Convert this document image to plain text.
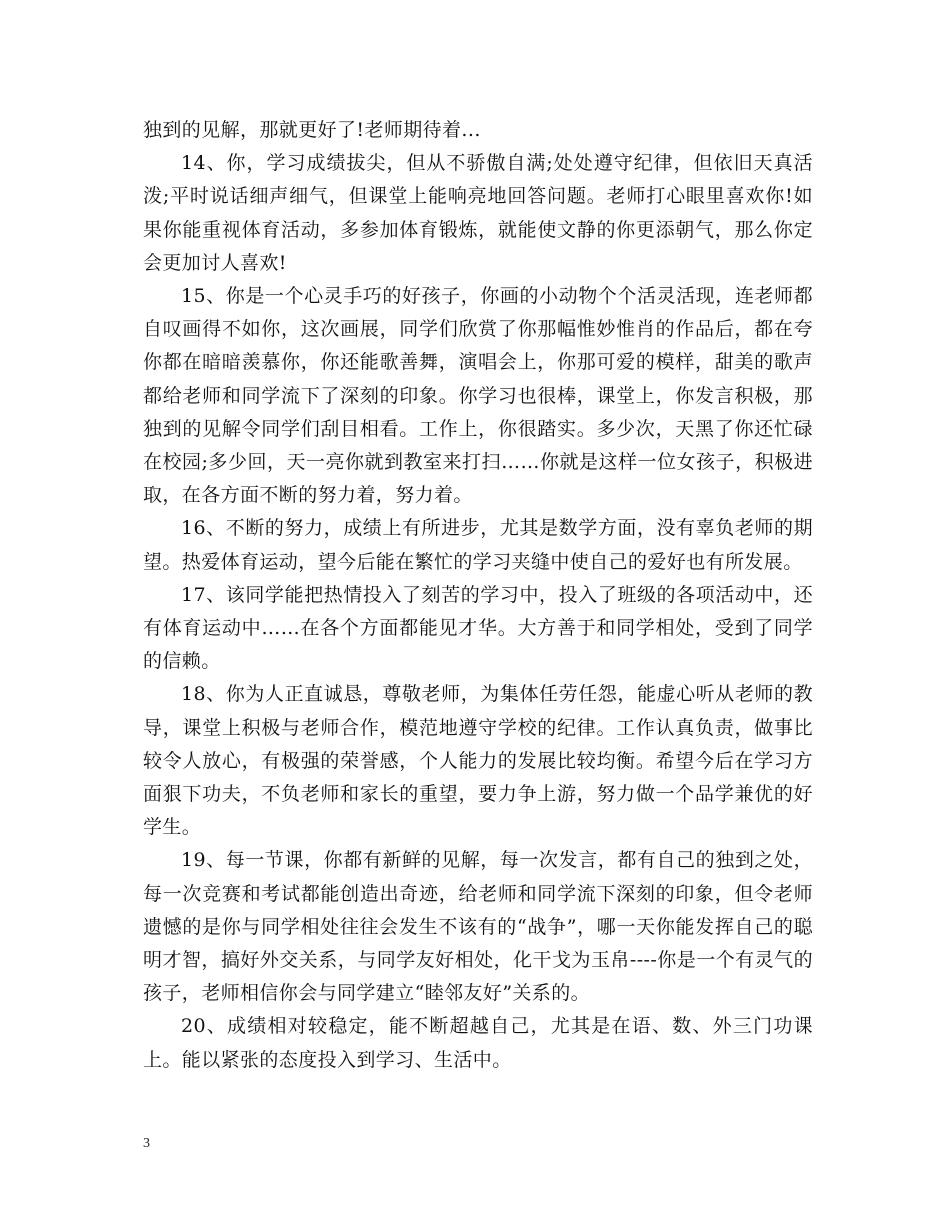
独到的见解，那就更好了!老师期待着...

14、你，学习成绩拔尖，但从不骄傲自满;处处遵守纪律，但依旧天真活泼;平时说话细声细气，但课堂上能响亮地回答问题。老师打心眼里喜欢你!如果你能重视体育活动，多参加体育锻炼，就能使文静的你更添朝气，那么你定会更加讨人喜欢!

15、你是一个心灵手巧的好孩子，你画的小动物个个活灵活现，连老师都自叹画得不如你，这次画展，同学们欣赏了你那幅惟妙惟肖的作品后，都在夸你都在暗暗羡慕你，你还能歌善舞，演唱会上，你那可爱的模样，甜美的歌声都给老师和同学流下了深刻的印象。你学习也很棒，课堂上，你发言积极，那独到的见解令同学们刮目相看。工作上，你很踏实。多少次，天黑了你还忙碌在校园;多少回，天一亮你就到教室来打扫……你就是这样一位女孩子，积极进取，在各方面不断的努力着，努力着。

16、不断的努力，成绩上有所进步，尤其是数学方面，没有辜负老师的期望。热爱体育运动，望今后能在繁忙的学习夹缝中使自己的爱好也有所发展。

17、该同学能把热情投入了刻苦的学习中，投入了班级的各项活动中，还有体育运动中……在各个方面都能见才华。大方善于和同学相处，受到了同学的信赖。

18、你为人正直诚恳，尊敬老师，为集体任劳任怨，能虚心听从老师的教导，课堂上积极与老师合作，模范地遵守学校的纪律。工作认真负责，做事比较令人放心，有极强的荣誉感，个人能力的发展比较均衡。希望今后在学习方面狠下功夫，不负老师和家长的重望，要力争上游，努力做一个品学兼优的好学生。

19、每一节课，你都有新鲜的见解，每一次发言，都有自己的独到之处，每一次竞赛和考试都能创造出奇迹，给老师和同学流下深刻的印象，但令老师遗憾的是你与同学相处往往会发生不该有的“战争”，哪一天你能发挥自己的聪明才智，搞好外交关系，与同学友好相处，化干戈为玉帛----你是一个有灵气的孩子，老师相信你会与同学建立“睦邻友好”关系的。

20、成绩相对较稳定，能不断超越自己，尤其是在语、数、外三门功课上。能以紧张的态度投入到学习、生活中。

3
